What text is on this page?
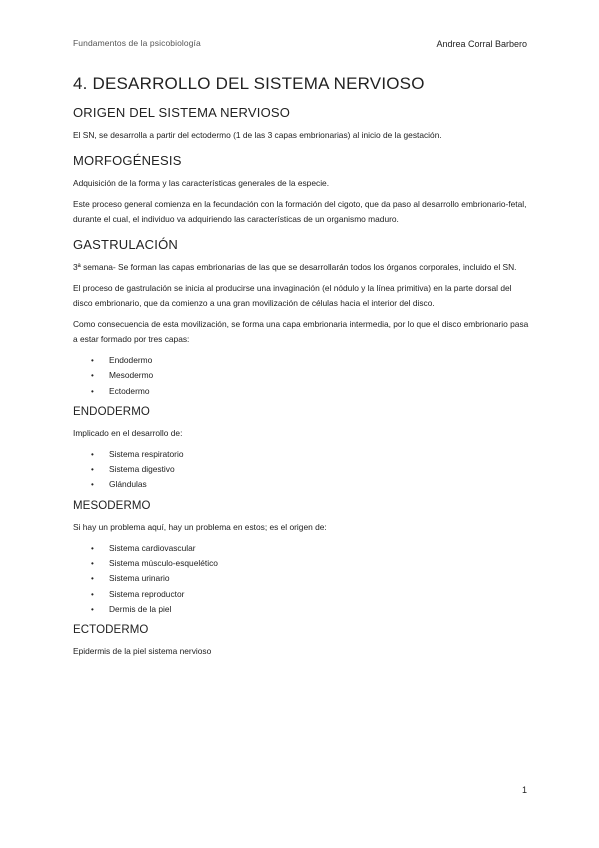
Fundamentos de la psicobiología	Andrea Corral Barbero
4. DESARROLLO DEL SISTEMA NERVIOSO
ORIGEN DEL SISTEMA NERVIOSO
El SN, se desarrolla a partir del ectodermo (1 de las 3 capas embrionarias) al inicio de la gestación.
MORFOGÉNESIS
Adquisición de la forma y las características generales de la especie.
Este proceso general comienza en la fecundación con la formación del cigoto, que da paso al desarrollo embrionario-fetal, durante el cual, el individuo va adquiriendo las características de un organismo maduro.
GASTRULACIÓN
3ª semana- Se forman las capas embrionarias de las que se desarrollarán todos los órganos corporales, incluido el SN.
El proceso de gastrulación se inicia al producirse una invaginación (el nódulo y la línea primitiva) en la parte dorsal del disco embrionario, que da comienzo a una gran movilización de células hacia el interior del disco.
Como consecuencia de esta movilización, se forma una capa embrionaria intermedia, por lo que el disco embrionario pasa a estar formado por tres capas:
• Endodermo
• Mesodermo
• Ectodermo
ENDODERMO
Implicado en el desarrollo de:
• Sistema respiratorio
• Sistema digestivo
• Glándulas
MESODERMO
Si hay un problema aquí, hay un problema en estos; es el origen de:
• Sistema cardiovascular
• Sistema músculo-esquelético
• Sistema urinario
• Sistema reproductor
• Dermis de la piel
ECTODERMO
Epidermis de la piel sistema nervioso
1
